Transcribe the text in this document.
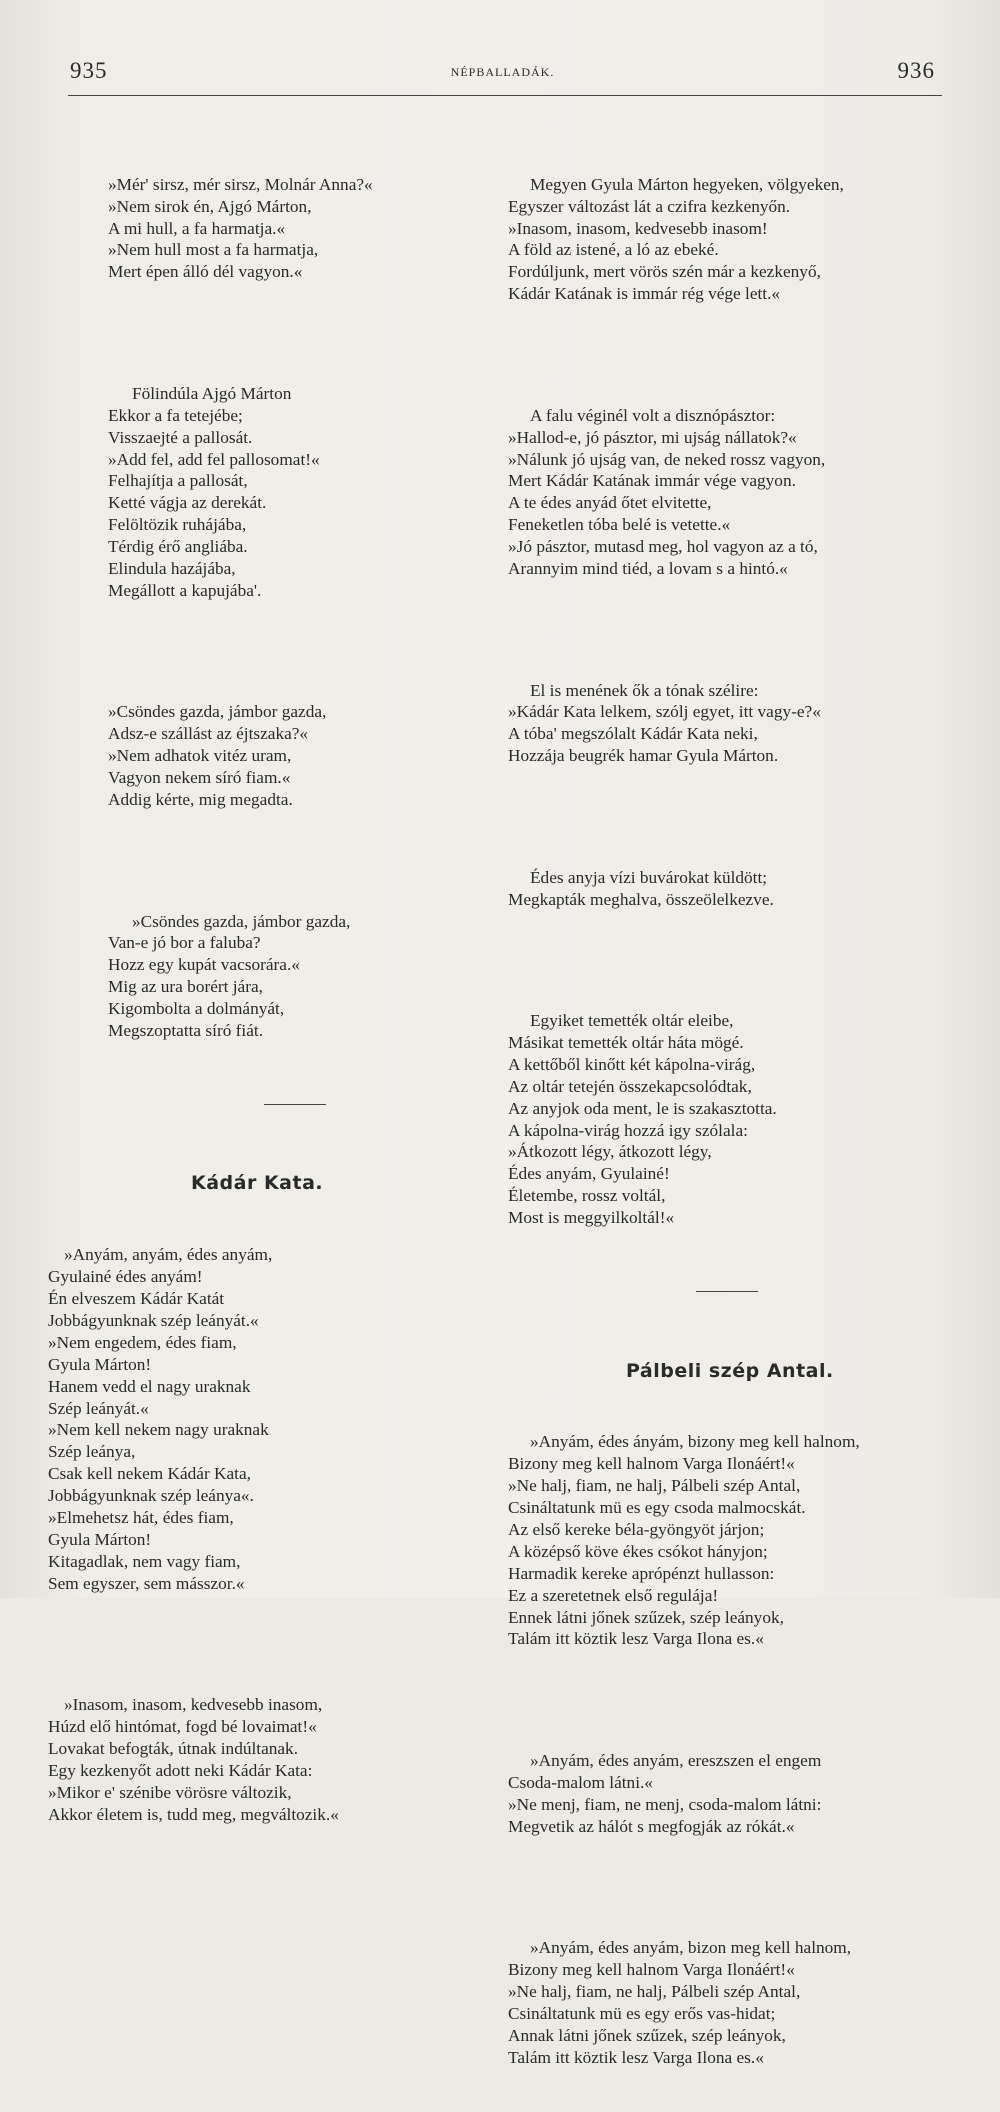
935	NÉPBALLADÁK.	936

»Mér' sirsz, mér sirsz, Molnár Anna?«
»Nem sirok én, Ajgó Márton,
A mi hull, a fa harmatja.«
»Nem hull most a fa harmatja,
Mert épen álló dél vagyon.«

Fölindúla Ajgó Márton
Ekkor a fa tetejébe;
Visszaejté a pallosát.
»Add fel, add fel pallosomat!«
Felhajítja a pallosát,
Ketté vágja az derekát.
Felöltözik ruhájába,
Térdig érő angliába.
Elindula hazájába,
Megállott a kapujába'.

»Csöndes gazda, jámbor gazda,
Adsz-e szállást az éjtszaka?«
»Nem adhatok vitéz uram,
Vagyon nekem síró fiam.«
Addig kérte, mig megadta.

»Csöndes gazda, jámbor gazda,
Van-e jó bor a faluba?
Hozz egy kupát vacsorára.«
Mig az ura borért jára,
Kigombolta a dolmányát,
Megszoptatta síró fiát.

Kádár Kata.

»Anyám, anyám, édes anyám,
Gyulainé édes anyám!
Én elveszem Kádár Katát
Jobbágyunknak szép leányát.«
»Nem engedem, édes fiam,
Gyula Márton!
Hanem vedd el nagy uraknak
Szép leányát.«
»Nem kell nekem nagy uraknak
Szép leánya,
Csak kell nekem Kádár Kata,
Jobbágyunknak szép leánya«.
»Elmehetsz hát, édes fiam,
Gyula Márton!
Kitagadlak, nem vagy fiam,
Sem egyszer, sem másszor.«

»Inasom, inasom, kedvesebb inasom,
Húzd elő hintómat, fogd bé lovaimat!«
Lovakat befogták, útnak indúltanak.
Egy kezkenyőt adott neki Kádár Kata:
»Mikor e' szénibe vörösre változik,
Akkor életem is, tudd meg, megváltozik.«

Megyen Gyula Márton hegyeken, völgyeken,
Egyszer változást lát a czifra kezkenyőn.
»Inasom, inasom, kedvesebb inasom!
A föld az istené, a ló az ebeké.
Fordúljunk, mert vörös szén már a kezkenyő,
Kádár Katának is immár rég vége lett.«

A falu véginél volt a disznópásztor:
»Hallod-e, jó pásztor, mi ujság nállatok?«
»Nálunk jó ujság van, de neked rossz vagyon,
Mert Kádár Katának immár vége vagyon.
A te édes anyád őtet elvitette,
Feneketlen tóba belé is vetette.«
»Jó pásztor, mutasd meg, hol vagyon az a tó,
Arannyim mind tiéd, a lovam s a hintó.«

El is menének ők a tónak szélire:
»Kádár Kata lelkem, szólj egyet, itt vagy-e?«
A tóba' megszólalt Kádár Kata neki,
Hozzája beugrék hamar Gyula Márton.

Édes anyja vízi buvárokat küldött;
Megkapták meghalva, összeölelkezve.

Egyiket temették oltár eleibe,
Másikat temették oltár háta mögé.
A kettőből kinőtt két kápolna-virág,
Az oltár tetején összekapcsolódtak,
Az anyjok oda ment, le is szakasztotta.
A kápolna-virág hozzá igy szólala:
»Átkozott légy, átkozott légy,
Édes anyám, Gyulainé!
Életembe, rossz voltál,
Most is meggyilkoltál!«

Pálbeli szép Antal.

»Anyám, édes ányám, bizony meg kell halnom,
Bizony meg kell halnom Varga Ilonáért!«
»Ne halj, fiam, ne halj, Pálbeli szép Antal,
Csináltatunk mü es egy csoda malmocskát.
Az első kereke béla-gyöngyöt járjon;
A középső köve ékes csókot hányjon;
Harmadik kereke aprópénzt hullasson:
Ez a szeretetnek első regulája!
Ennek látni jőnek szűzek, szép leányok,
Talám itt köztik lesz Varga Ilona es.«

»Anyám, édes anyám, ereszszen el engem
Csoda-malom látni.«
»Ne menj, fiam, ne menj, csoda-malom látni:
Megvetik az hálót s megfogják az rókát.«

»Anyám, édes anyám, bizon meg kell halnom,
Bizony meg kell halnom Varga Ilonáért!«
»Ne halj, fiam, ne halj, Pálbeli szép Antal,
Csináltatunk mü es egy erős vas-hidat;
Annak látni jőnek szűzek, szép leányok,
Talám itt köztik lesz Varga Ilona es.«
